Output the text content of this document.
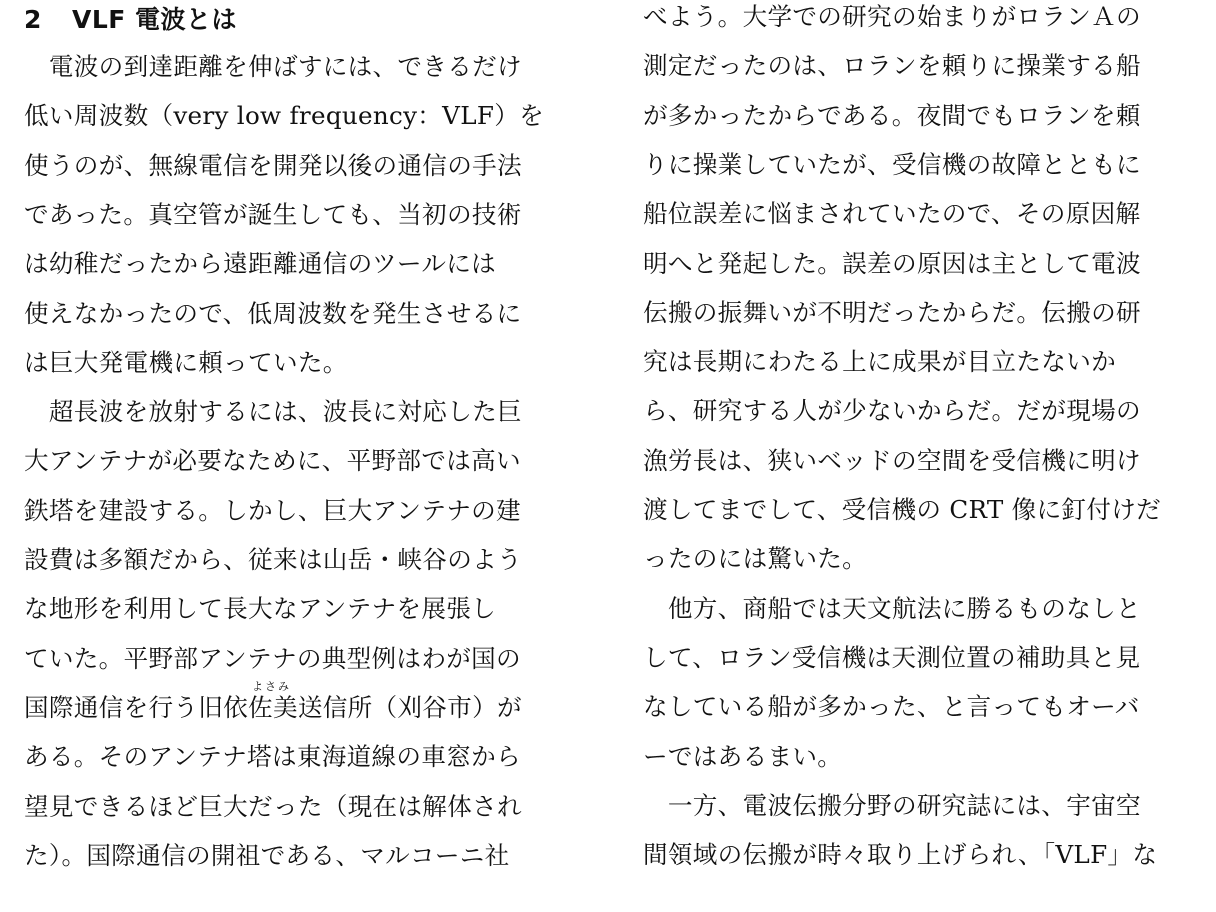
2 VLF 電波とは
よさみ
　電波の到達距離を伸ばすには、できるだけ
低い周波数（very low frequency：VLF）を
使うのが、無線電信を開発以後の通信の手法
であった。真空管が誕生しても、当初の技術
は幼稚だったから遠距離通信のツールには
使えなかったので、低周波数を発生させるに
は巨大発電機に頼っていた。
　超長波を放射するには、波長に対応した巨
大アンテナが必要なために、平野部では高い
鉄塔を建設する。しかし、巨大アンテナの建
設費は多額だから、従来は山岳・峡谷のよう
な地形を利用して長大なアンテナを展張し
ていた。平野部アンテナの典型例はわが国の
国際通信を行う旧依佐美送信所（刈谷市）が
ある。そのアンテナ塔は東海道線の車窓から
望見できるほど巨大だった（現在は解体され
た）。国際通信の開祖である、マルコーニ社
べよう。大学での研究の始まりがロランＡの
測定だったのは、ロランを頼りに操業する船
が多かったからである。夜間でもロランを頼
りに操業していたが、受信機の故障とともに
船位誤差に悩まされていたので、その原因解
明へと発起した。誤差の原因は主として電波
伝搬の振舞いが不明だったからだ。伝搬の研
究は長期にわたる上に成果が目立たないか
ら、研究する人が少ないからだ。だが現場の
漁労長は、狭いベッドの空間を受信機に明け
渡してまでして、受信機の CRT 像に釘付けだ
ったのには驚いた。
　他方、商船では天文航法に勝るものなしと
して、ロラン受信機は天測位置の補助具と見
なしている船が多かった、と言ってもオーバ
ーではあるまい。
　一方、電波伝搬分野の研究誌には、宇宙空
間領域の伝搬が時々取り上げられ、「VLF」な
